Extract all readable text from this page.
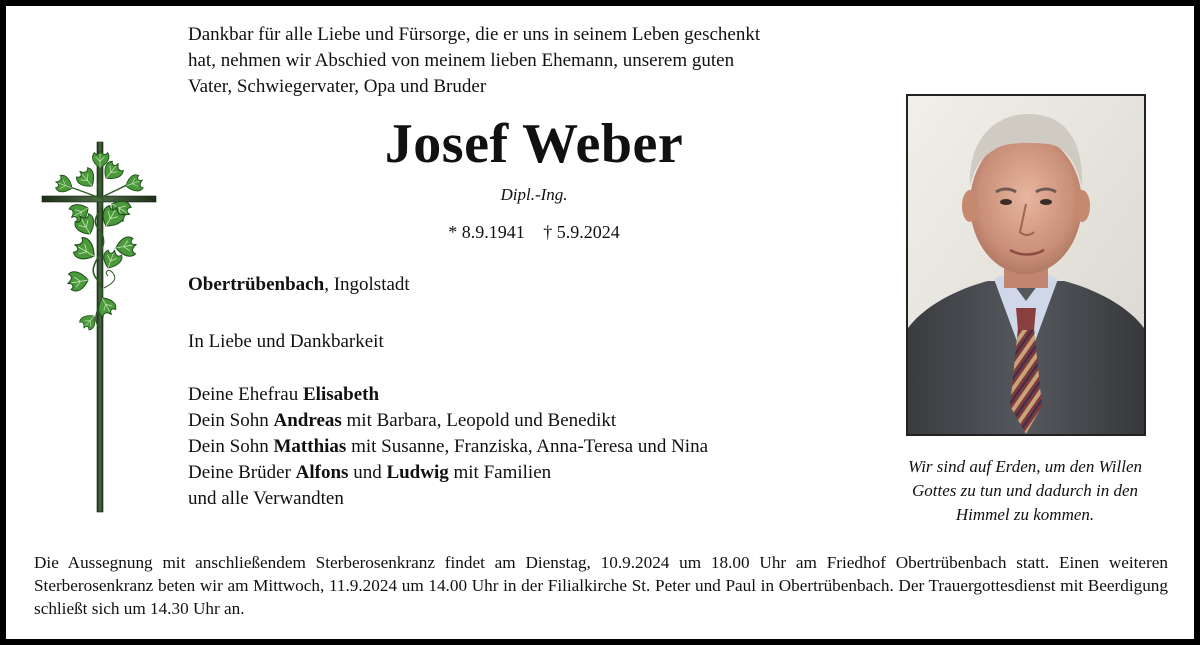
Dankbar für alle Liebe und Fürsorge, die er uns in seinem Leben geschenkt
hat, nehmen wir Abschied von meinem lieben Ehemann, unserem guten
Vater, Schwiegervater, Opa und Bruder
Josef Weber
Dipl.-Ing.
* 8.9.1941 † 5.9.2024
Obertrübenbach, Ingolstadt
In Liebe und Dankbarkeit
Deine Ehefrau Elisabeth
Dein Sohn Andreas mit Barbara, Leopold und Benedikt
Dein Sohn Matthias mit Susanne, Franziska, Anna-Teresa und Nina
Deine Brüder Alfons und Ludwig mit Familien
und alle Verwandten
Wir sind auf Erden, um den Willen
Gottes zu tun und dadurch in den
Himmel zu kommen.
Die Aussegnung mit anschließendem Sterberosenkranz findet am Dienstag, 10.9.2024 um 18.00 Uhr am Friedhof Obertrübenbach statt. Einen weiteren Sterberosenkranz beten wir am Mittwoch, 11.9.2024 um 14.00 Uhr in der Filialkirche St. Peter und Paul in Obertrübenbach. Der Trauergottesdienst mit Beerdigung schließt sich um 14.30 Uhr an.
